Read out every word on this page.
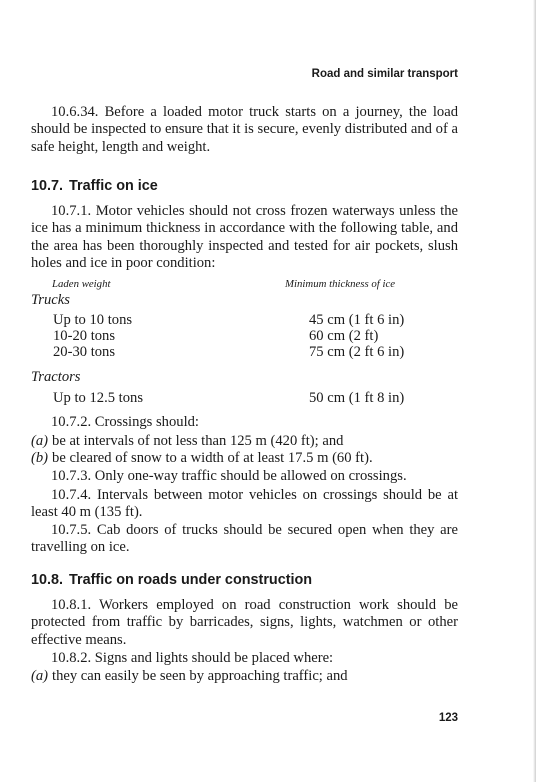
Road and similar transport

10.6.34. Before a loaded motor truck starts on a journey, the load should be inspected to ensure that it is secure, evenly distributed and of a safe height, length and weight.

10.7. Traffic on ice

10.7.1. Motor vehicles should not cross frozen waterways unless the ice has a minimum thickness in accordance with the following table, and the area has been thoroughly inspected and tested for air pockets, slush holes and ice in poor condition:

Laden weight	Minimum thickness of ice
Trucks
Up to 10 tons	45 cm (1 ft 6 in)
10-20 tons	60 cm (2 ft)
20-30 tons	75 cm (2 ft 6 in)
Tractors
Up to 12.5 tons	50 cm (1 ft 8 in)

10.7.2. Crossings should:

(a) be at intervals of not less than 125 m (420 ft); and

(b) be cleared of snow to a width of at least 17.5 m (60 ft).

10.7.3. Only one-way traffic should be allowed on crossings.

10.7.4. Intervals between motor vehicles on crossings should be at least 40 m (135 ft).

10.7.5. Cab doors of trucks should be secured open when they are travelling on ice.

10.8. Traffic on roads under construction

10.8.1. Workers employed on road construction work should be protected from traffic by barricades, signs, lights, watchmen or other effective means.

10.8.2. Signs and lights should be placed where:

(a) they can easily be seen by approaching traffic; and

123
